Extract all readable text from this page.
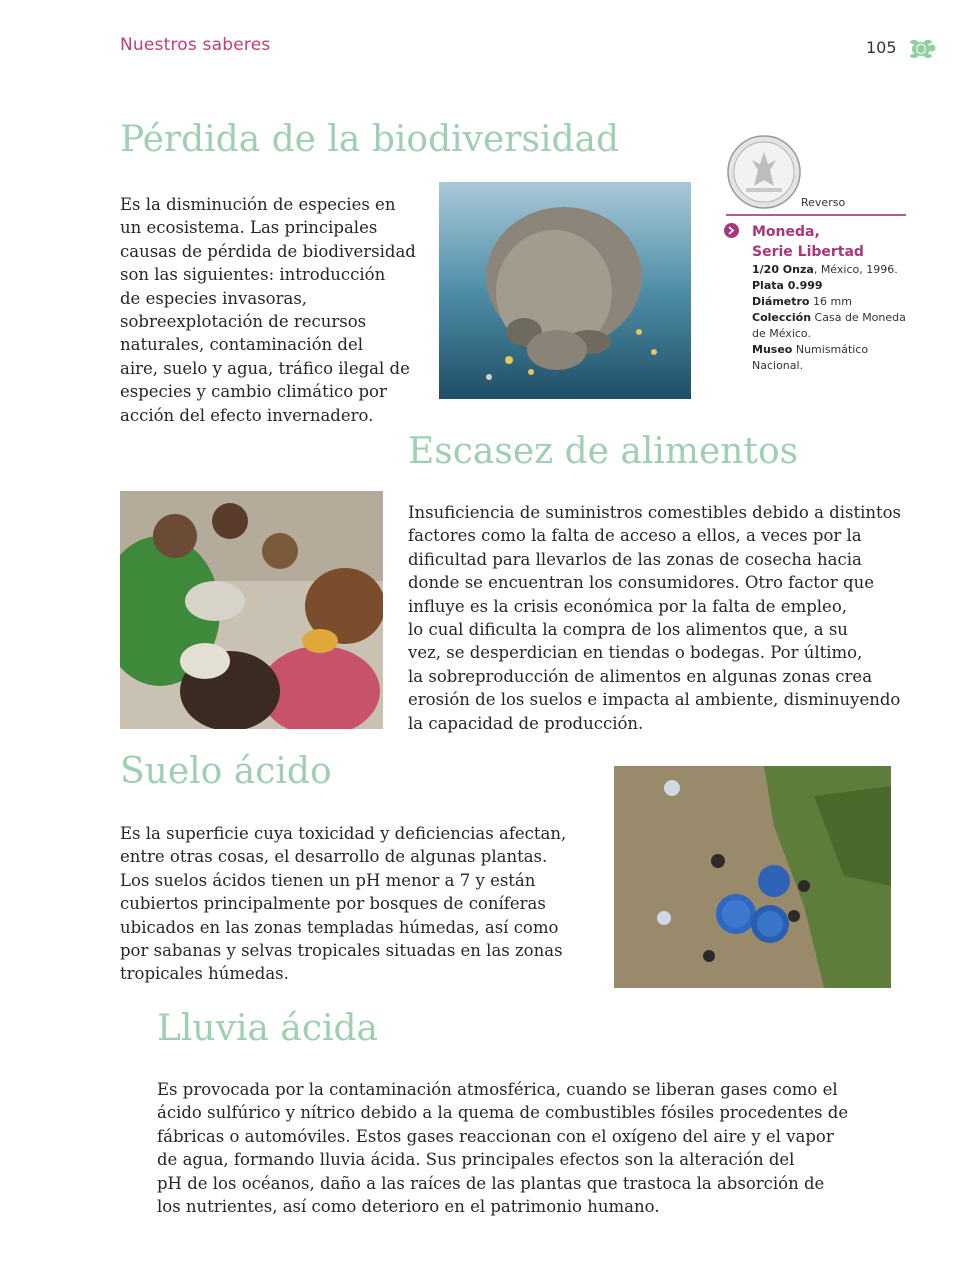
Nuestros saberes	105
Pérdida de la biodiversidad
Es la disminución de especies en
un ecosistema. Las principales
causas de pérdida de biodiversidad
son las siguientes: introducción
de especies invasoras,
sobreexplotación de recursos
naturales, contaminación del
aire, suelo y agua, tráfico ilegal de
especies y cambio climático por
acción del efecto invernadero.
Reverso
Moneda,
Serie Libertad
1/20 Onza, México, 1996.
Plata 0.999
Diámetro 16 mm
Colección Casa de Moneda de México.
Museo Numismático Nacional.
Escasez de alimentos
Insuficiencia de suministros comestibles debido a distintos
factores como la falta de acceso a ellos, a veces por la
dificultad para llevarlos de las zonas de cosecha hacia
donde se encuentran los consumidores. Otro factor que
influye es la crisis económica por la falta de empleo,
lo cual dificulta la compra de los alimentos que, a su
vez, se desperdician en tiendas o bodegas. Por último,
la sobreproducción de alimentos en algunas zonas crea
erosión de los suelos e impacta al ambiente, disminuyendo
la capacidad de producción.
Suelo ácido
Es la superficie cuya toxicidad y deficiencias afectan,
entre otras cosas, el desarrollo de algunas plantas.
Los suelos ácidos tienen un pH menor a 7 y están
cubiertos principalmente por bosques de coníferas
ubicados en las zonas templadas húmedas, así como
por sabanas y selvas tropicales situadas en las zonas
tropicales húmedas.
Lluvia ácida
Es provocada por la contaminación atmosférica, cuando se liberan gases como el
ácido sulfúrico y nítrico debido a la quema de combustibles fósiles procedentes de
fábricas o automóviles. Estos gases reaccionan con el oxígeno del aire y el vapor
de agua, formando lluvia ácida. Sus principales efectos son la alteración del
pH de los océanos, daño a las raíces de las plantas que trastoca la absorción de
los nutrientes, así como deterioro en el patrimonio humano.
